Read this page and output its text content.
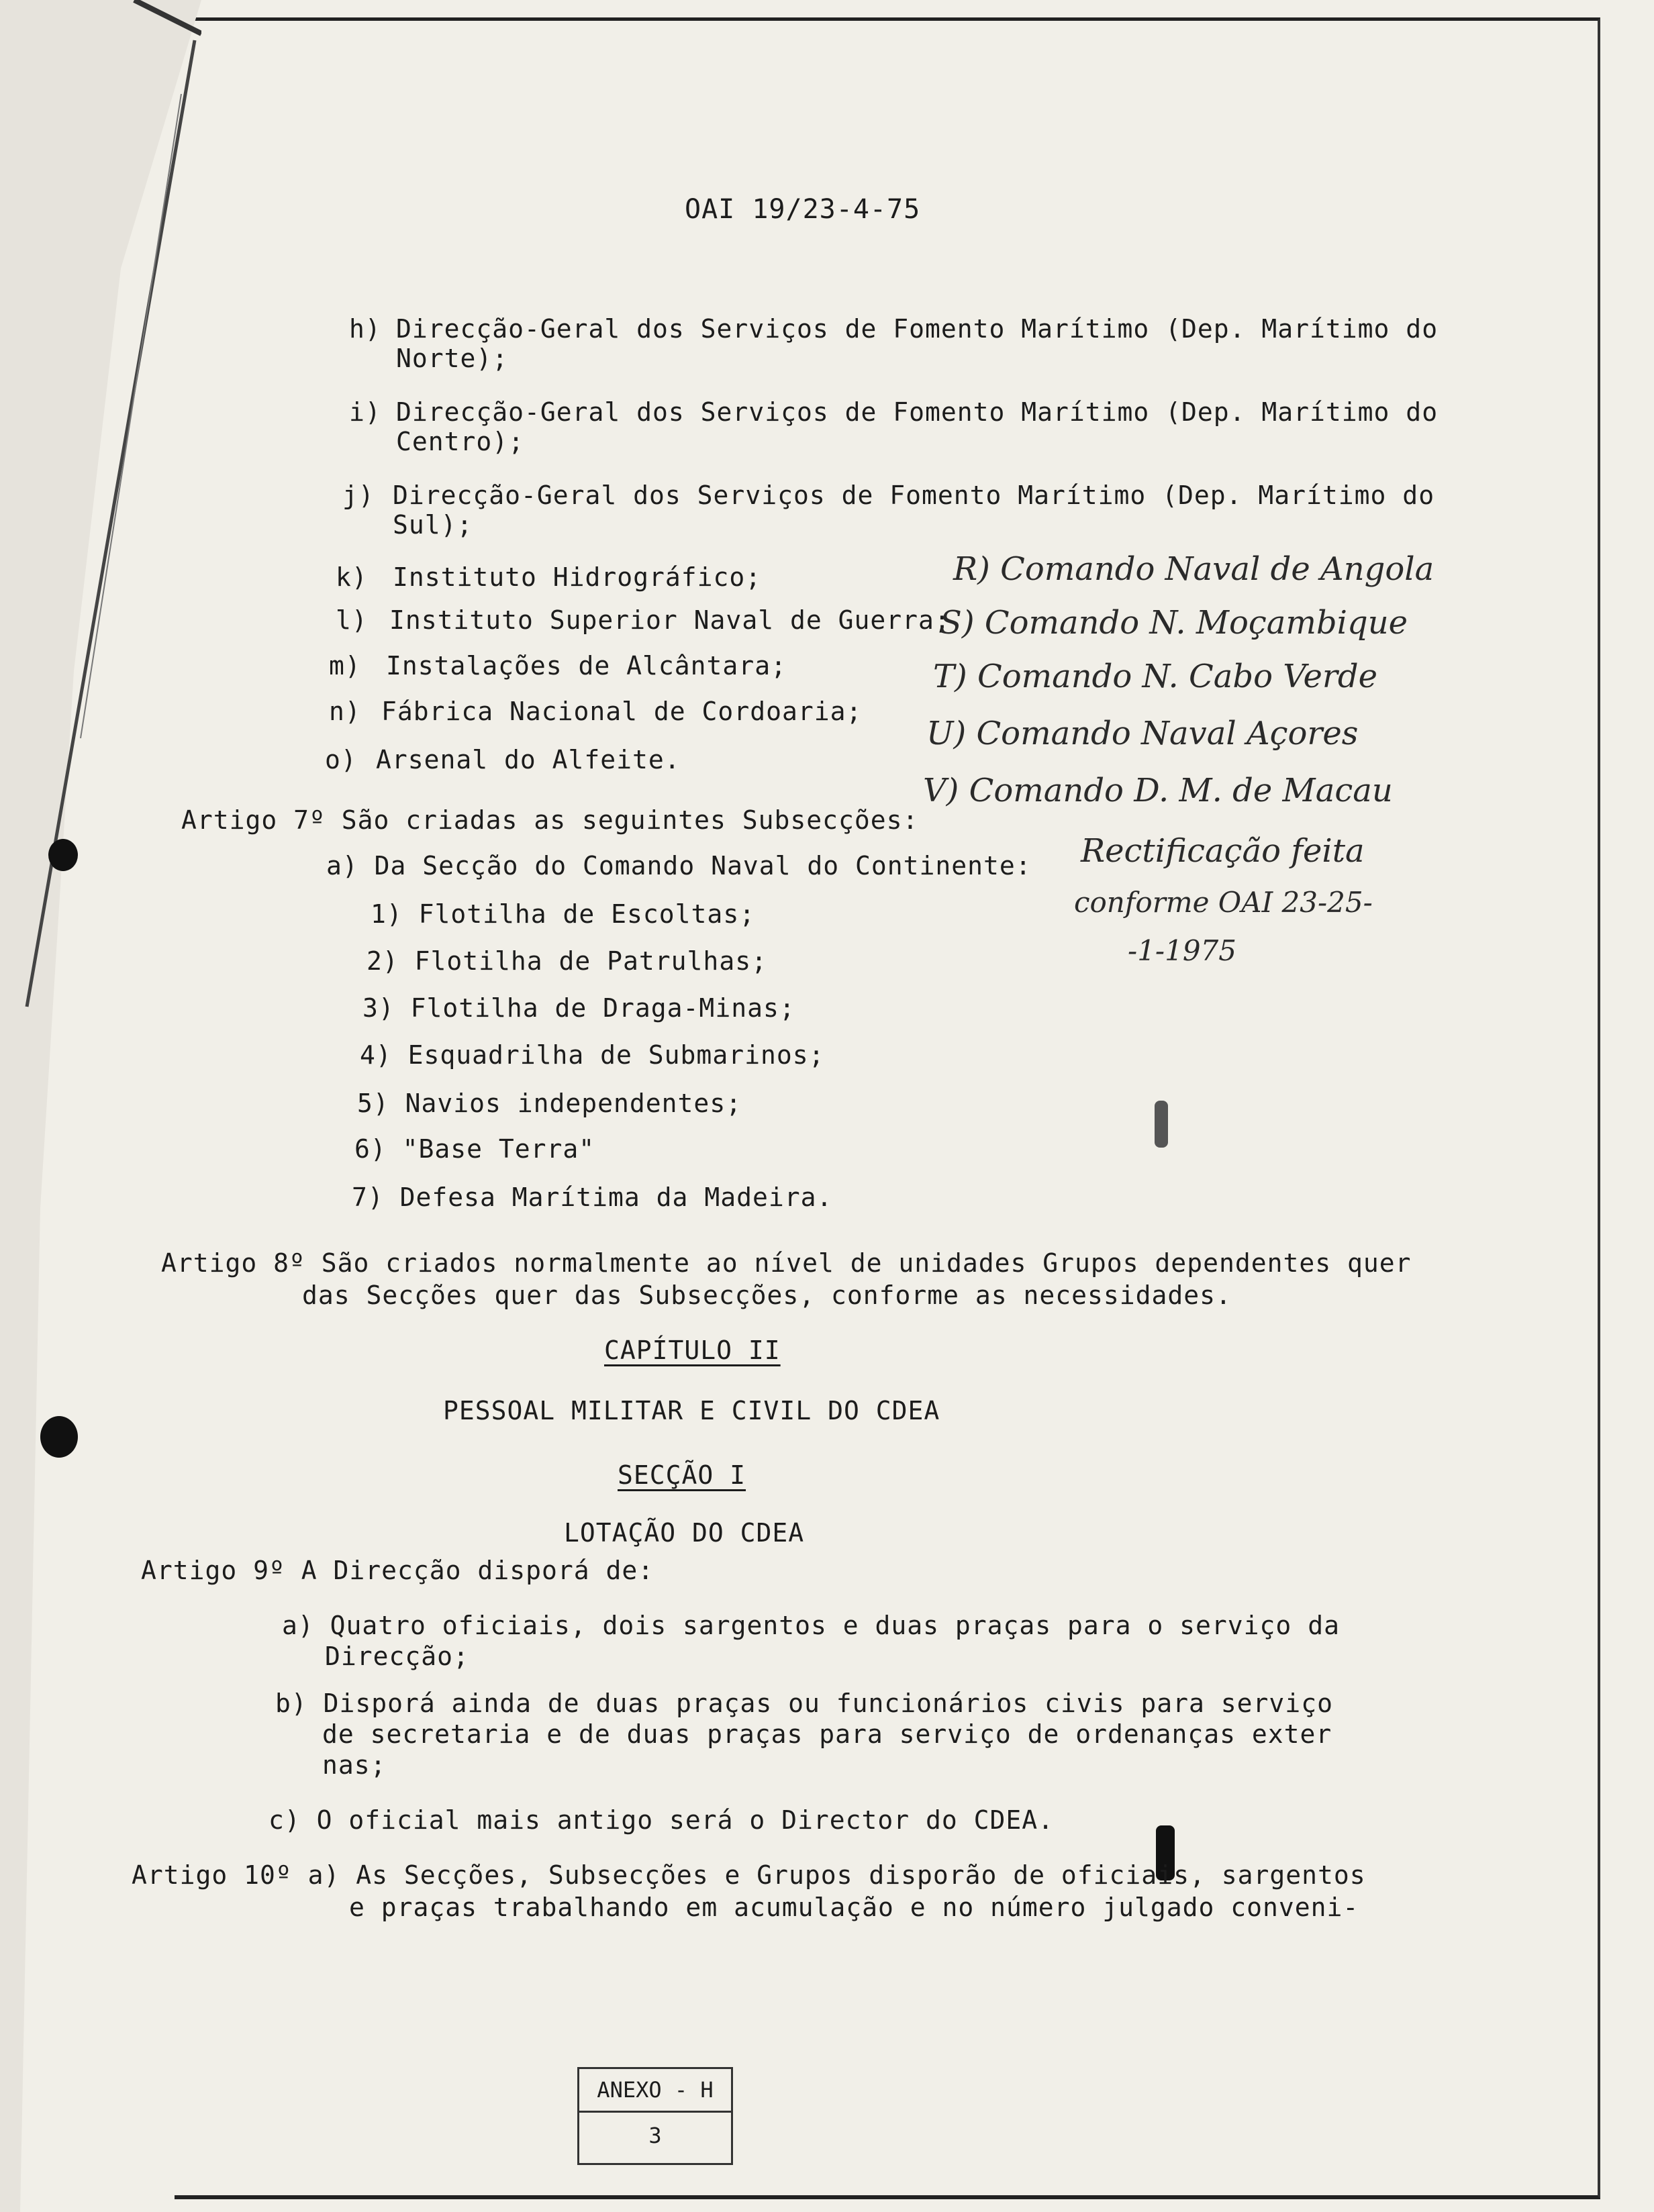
OAI 19/23-4-75
h) Direcção-Geral dos Serviços de Fomento Marítimo (Dep. Marítimo do
Norte);
i) Direcção-Geral dos Serviços de Fomento Marítimo (Dep. Marítimo do
Centro);
j) Direcção-Geral dos Serviços de Fomento Marítimo (Dep. Marítimo do
Sul);
k) Instituto Hidrográfico;
l) Instituto Superior Naval de Guerra;
m) Instalações de Alcântara;
n) Fábrica Nacional de Cordoaria;
o) Arsenal do Alfeite.
R) Comando Naval de Angola
S) Comando N. Moçambique
T) Comando N. Cabo Verde
U) Comando Naval Açores
V) Comando D. M. de Macau
Rectificação feita
conforme OAI 23-25-
-1-1975
Artigo 7º São criadas as seguintes Subsecções:
a) Da Secção do Comando Naval do Continente:
1) Flotilha de Escoltas;
2) Flotilha de Patrulhas;
3) Flotilha de Draga-Minas;
4) Esquadrilha de Submarinos;
5) Navios independentes;
6) "Base Terra"
7) Defesa Marítima da Madeira.
Artigo 8º São criados normalmente ao nível de unidades Grupos dependentes quer
das Secções quer das Subsecções, conforme as necessidades.
CAPÍTULO II
PESSOAL MILITAR E CIVIL DO CDEA
SECÇÃO I
LOTAÇÃO DO CDEA
Artigo 9º A Direcção disporá de:
a) Quatro oficiais, dois sargentos e duas praças para o serviço da
Direcção;
b) Disporá ainda de duas praças ou funcionários civis para serviço
de secretaria e de duas praças para serviço de ordenanças exter
nas;
c) O oficial mais antigo será o Director do CDEA.
Artigo 10º a) As Secções, Subsecções e Grupos disporão de oficiais, sargentos
e praças trabalhando em acumulação e no número julgado conveni-
ANEXO - H
3
